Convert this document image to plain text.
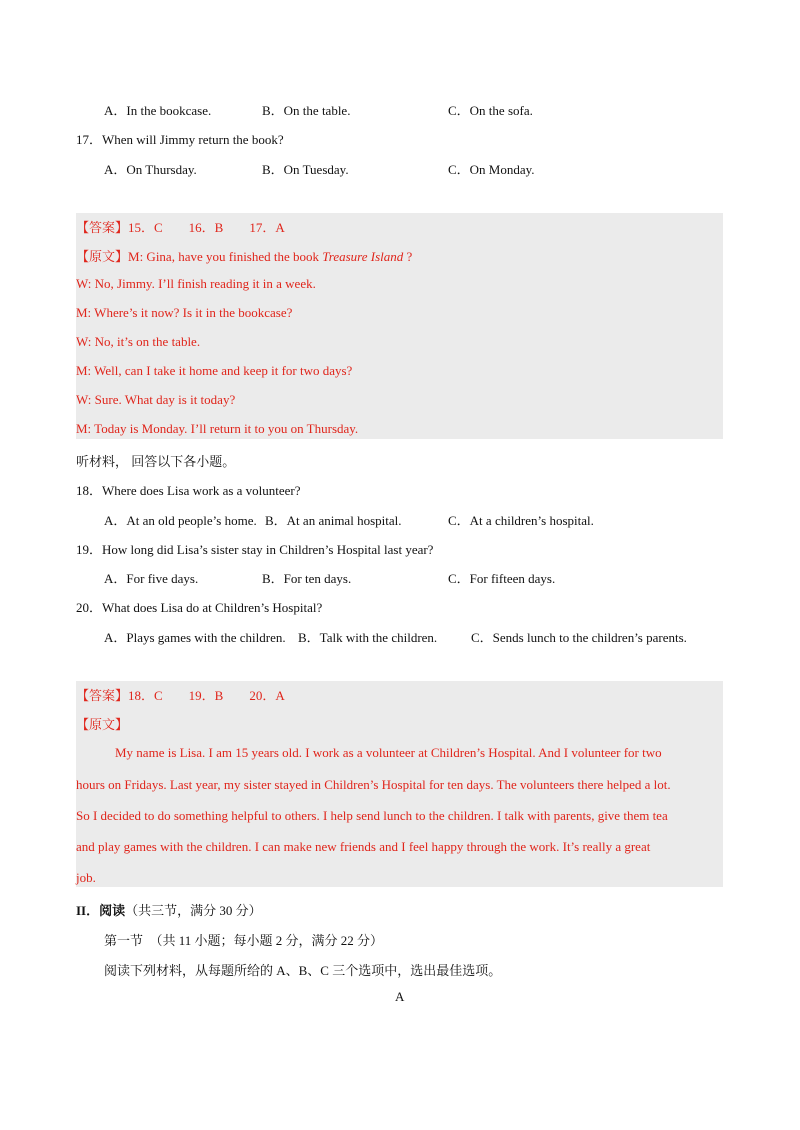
A．In the bookcase.	B．On the table.	C．On the sofa.
17．When will Jimmy return the book?
A．On Thursday.	B．On Tuesday.	C．On Monday.
【答案】15．C　　16．B　　17．A
【原文】M: Gina, have you finished the book Treasure Island ?
W: No, Jimmy. I’ll finish reading it in a week.
M: Where’s it now? Is it in the bookcase?
W: No, it’s on the table.
M: Well, can I take it home and keep it for two days?
W: Sure. What day is it today?
M: Today is Monday. I’ll return it to you on Thursday.
听材料， 回答以下各小题。
18．Where does Lisa work as a volunteer?
A．At an old people’s home. B．At an animal hospital.	C．At a children’s hospital.
19．How long did Lisa’s sister stay in Children’s Hospital last year?
A．For five days.	B．For ten days.	C．For fifteen days.
20．What does Lisa do at Children’s Hospital?
A．Plays games with the children. B．Talk with the children.	C．Sends lunch to the children’s parents.
【答案】18．C　　19．B　　20．A
【原文】
My name is Lisa. I am 15 years old. I work as a volunteer at Children’s Hospital. And I volunteer for two
hours on Fridays. Last year, my sister stayed in Children’s Hospital for ten days. The volunteers there helped a lot.
So I decided to do something helpful to others. I help send lunch to the children. I talk with parents, give them tea
and play games with the children. I can make new friends and I feel happy through the work. It’s really a great
job.
II．阅读（共三节，满分 30 分）
第一节　（共 11 小题；每小题 2 分，满分 22 分）
阅读下列材料，从每题所给的 A、B、C 三个选项中，选出最佳选项。
A
